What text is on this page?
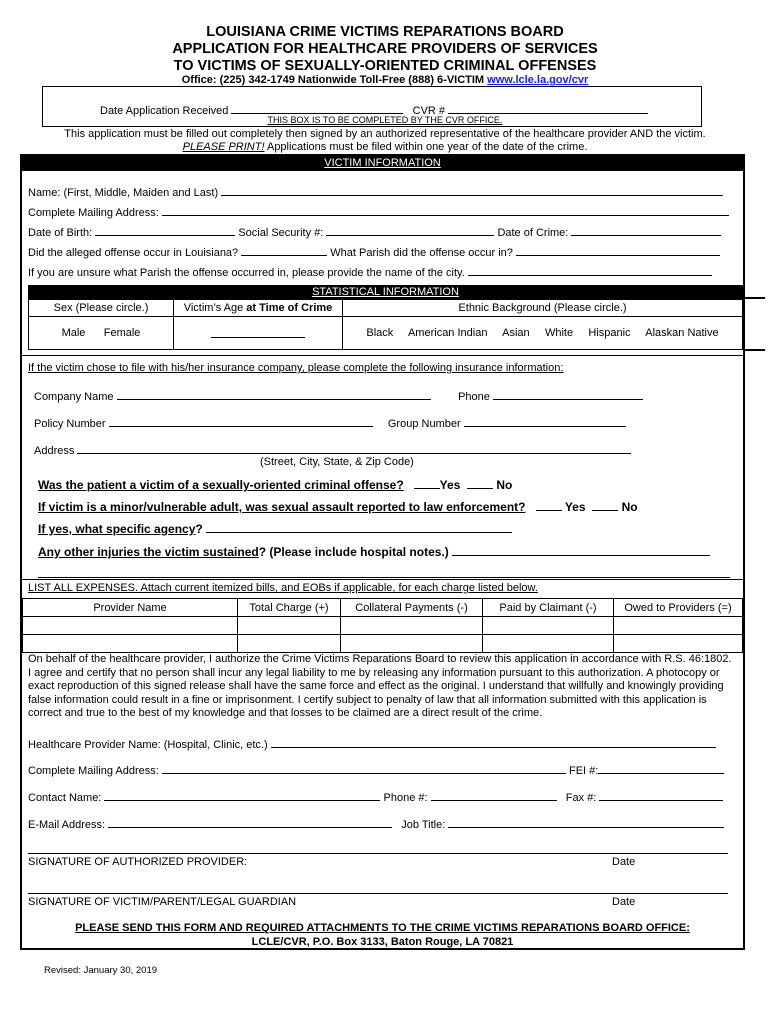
LOUISIANA CRIME VICTIMS REPARATIONS BOARD
APPLICATION FOR HEALTHCARE PROVIDERS OF SERVICES
TO VICTIMS OF SEXUALLY-ORIENTED CRIMINAL OFFENSES
Office: (225) 342-1749 Nationwide Toll-Free (888) 6-VICTIM www.lcle.la.gov/cvr
Date Application Received	CVR #
THIS BOX IS TO BE COMPLETED BY THE CVR OFFICE.
This application must be filled out completely then signed by an authorized representative of the healthcare provider AND the victim.
PLEASE PRINT! Applications must be filed within one year of the date of the crime.
VICTIM INFORMATION
Name: (First, Middle, Maiden and Last)
Complete Mailing Address:
Date of Birth:	Social Security #:	Date of Crime:
Did the alleged offense occur in Louisiana?	What Parish did the offense occur in?
If you are unsure what Parish the offense occurred in, please provide the name of the city.
STATISTICAL INFORMATION
Sex (Please circle.)	Victim’s Age at Time of Crime	Ethnic Background (Please circle.)
Male Female		Black American Indian Asian White Hispanic Alaskan Native
If the victim chose to file with his/her insurance company, please complete the following insurance information:
Company Name	Phone
Policy Number	Group Number
Address
(Street, City, State, & Zip Code)
Was the patient a victim of a sexually-oriented criminal offense?	Yes	No
If victim is a minor/vulnerable adult, was sexual assault reported to law enforcement?	Yes	No
If yes, what specific agency?
Any other injuries the victim sustained? (Please include hospital notes.)
LIST ALL EXPENSES. Attach current itemized bills, and EOBs if applicable, for each charge listed below.
Provider Name	Total Charge (+)	Collateral Payments (-)	Paid by Claimant (-)	Owed to Providers (=)

On behalf of the healthcare provider, I authorize the Crime Victims Reparations Board to review this application in accordance with R.S. 46:1802. I agree and certify that no person shall incur any legal liability to me by releasing any information pursuant to this authorization. A photocopy or exact reproduction of this signed release shall have the same force and effect as the original. I understand that willfully and knowingly providing false information could result in a fine or imprisonment. I certify subject to penalty of law that all information submitted with this application is correct and true to the best of my knowledge and that losses to be claimed are a direct result of the crime.
Healthcare Provider Name: (Hospital, Clinic, etc.)
Complete Mailing Address:	FEI #:
Contact Name:	Phone #:	Fax #:
E-Mail Address:	Job Title:
SIGNATURE OF AUTHORIZED PROVIDER:	Date
SIGNATURE OF VICTIM/PARENT/LEGAL GUARDIAN	Date
PLEASE SEND THIS FORM AND REQUIRED ATTACHMENTS TO THE CRIME VICTIMS REPARATIONS BOARD OFFICE:
LCLE/CVR, P.O. Box 3133, Baton Rouge, LA 70821
Revised: January 30, 2019
